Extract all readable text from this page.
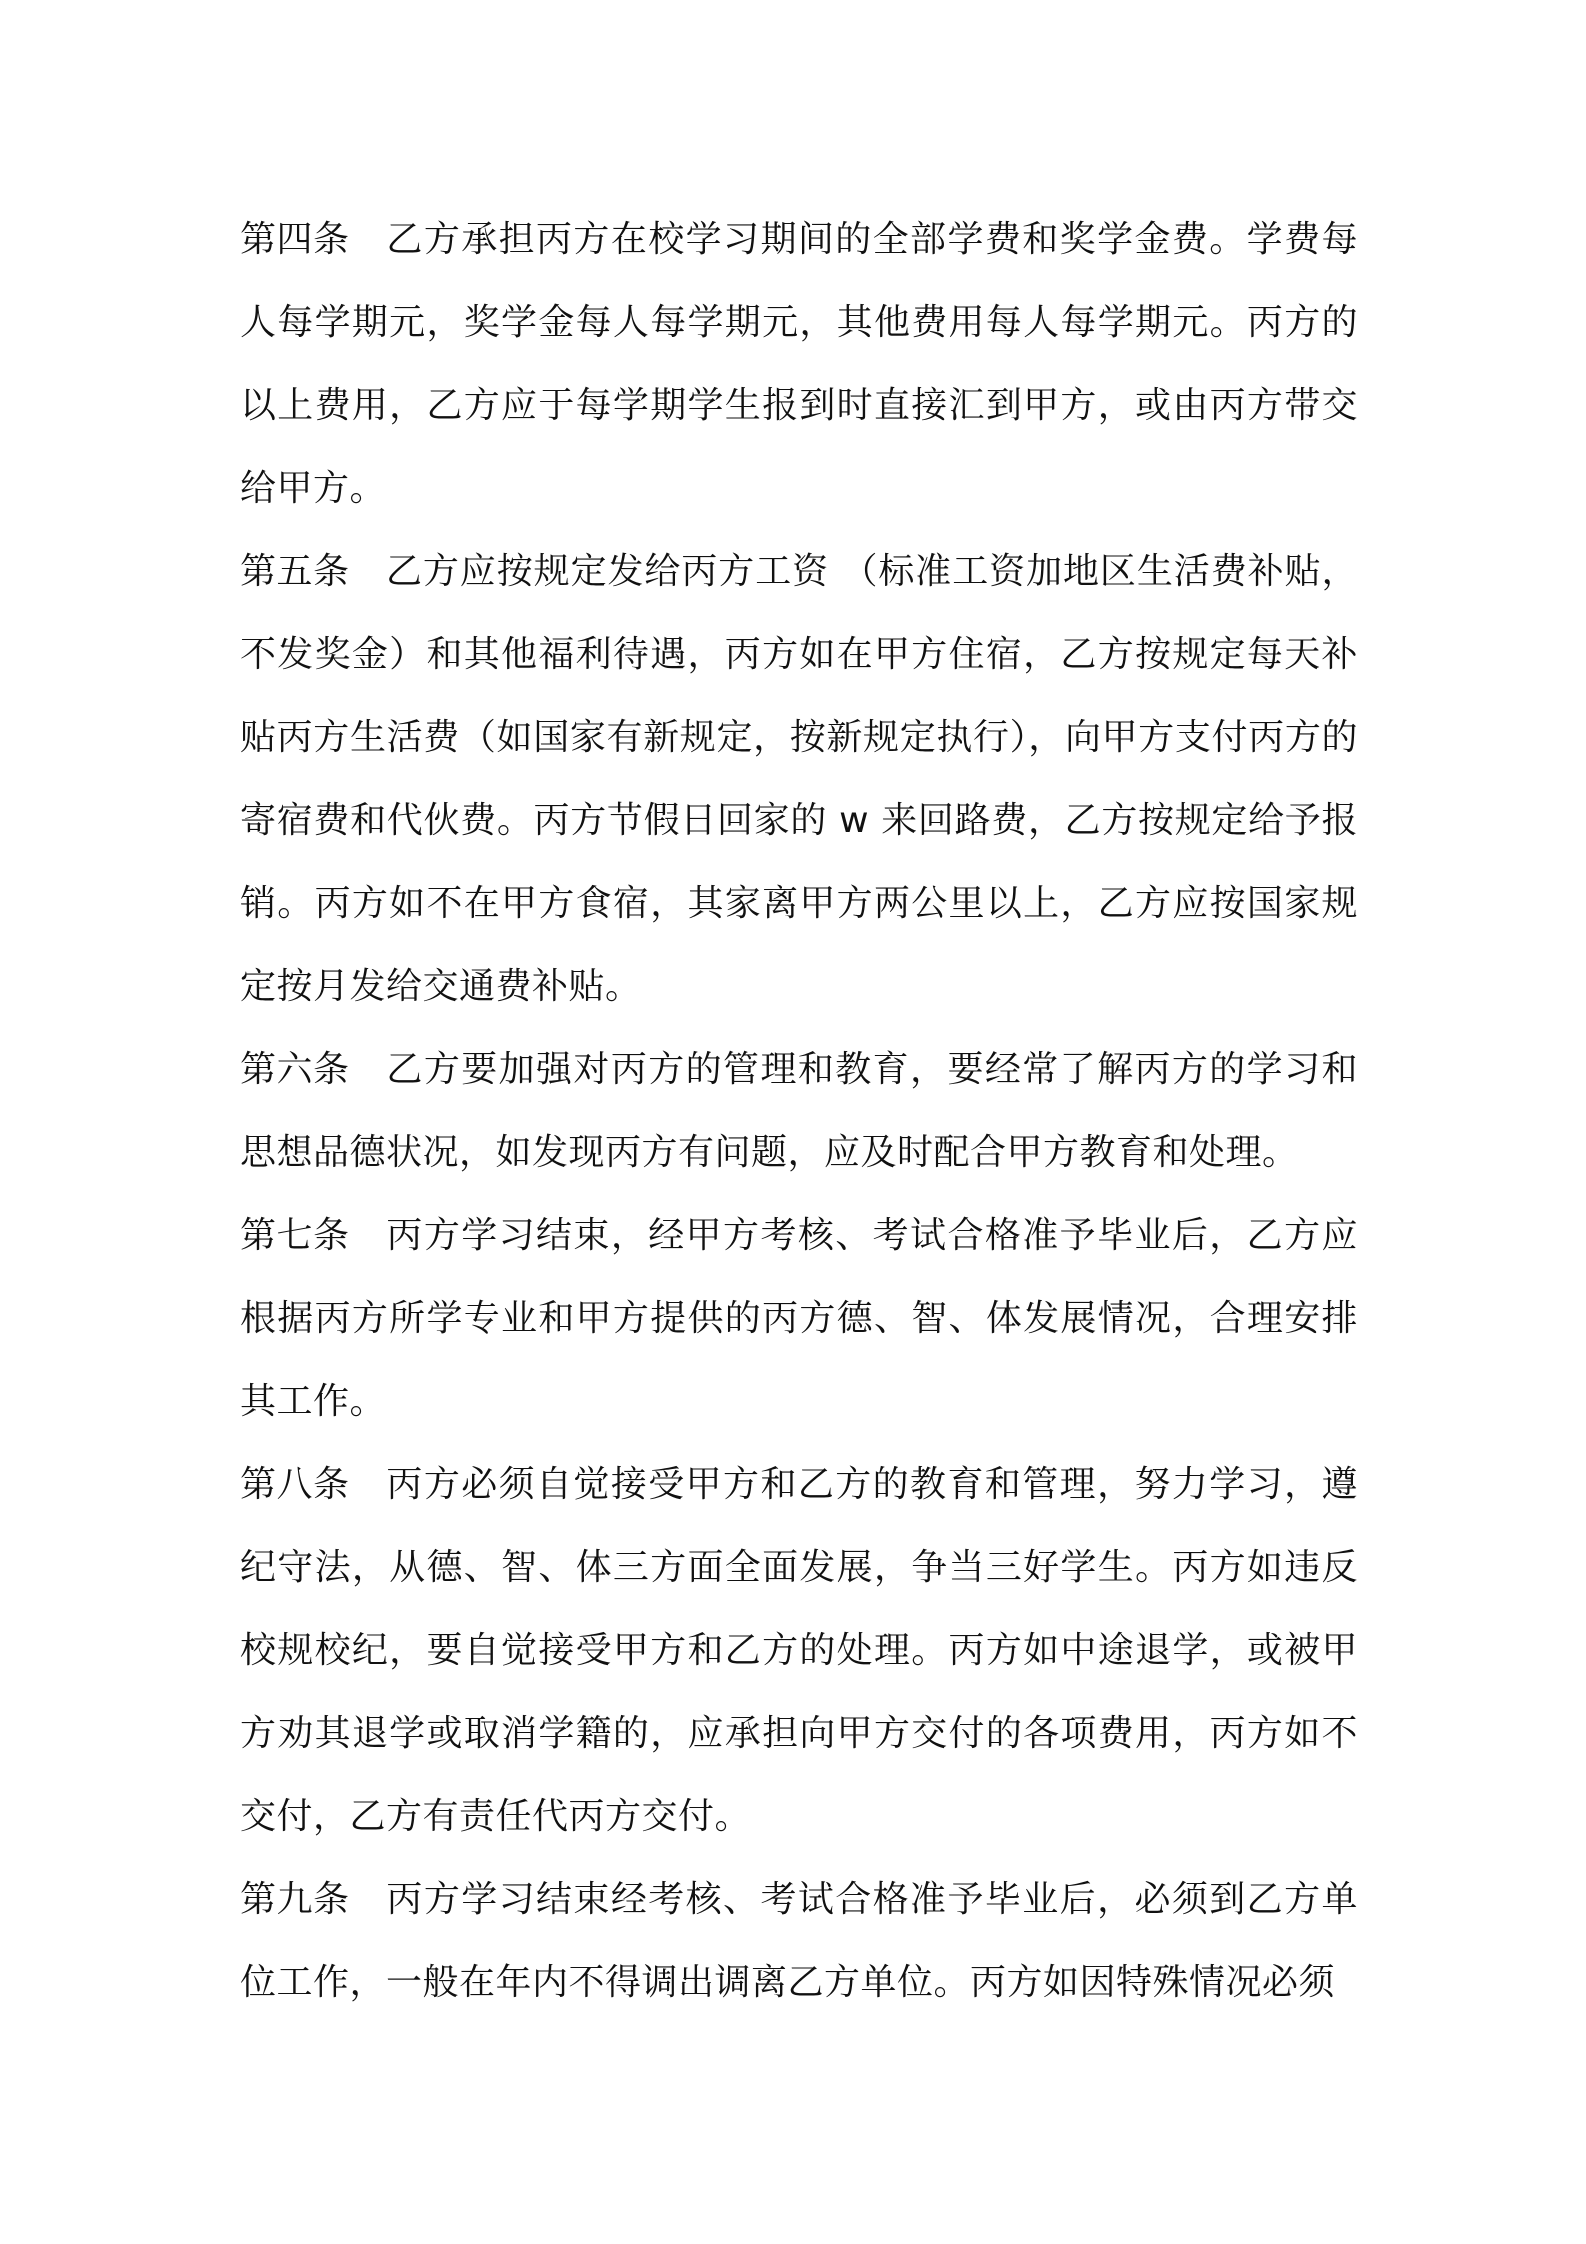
第四条 乙方承担丙方在校学习期间的全部学费和奖学金费。学费每人每学期元，奖学金每人每学期元，其他费用每人每学期元。丙方的以上费用，乙方应于每学期学生报到时直接汇到甲方，或由丙方带交给甲方。

第五条 乙方应按规定发给丙方工资 （标准工资加地区生活费补贴，不发奖金）和其他福利待遇，丙方如在甲方住宿，乙方按规定每天补贴丙方生活费（如国家有新规定，按新规定执行），向甲方支付丙方的寄宿费和代伙费。丙方节假日回家的 w 来回路费，乙方按规定给予报销。丙方如不在甲方食宿，其家离甲方两公里以上，乙方应按国家规定按月发给交通费补贴。

第六条 乙方要加强对丙方的管理和教育，要经常了解丙方的学习和思想品德状况，如发现丙方有问题，应及时配合甲方教育和处理。

第七条 丙方学习结束，经甲方考核、考试合格准予毕业后，乙方应根据丙方所学专业和甲方提供的丙方德、智、体发展情况，合理安排其工作。

第八条 丙方必须自觉接受甲方和乙方的教育和管理，努力学习，遵纪守法，从德、智、体三方面全面发展，争当三好学生。丙方如违反校规校纪，要自觉接受甲方和乙方的处理。丙方如中途退学，或被甲方劝其退学或取消学籍的，应承担向甲方交付的各项费用，丙方如不交付，乙方有责任代丙方交付。

第九条 丙方学习结束经考核、考试合格准予毕业后，必须到乙方单位工作，一般在年内不得调出调离乙方单位。丙方如因特殊情况必须
